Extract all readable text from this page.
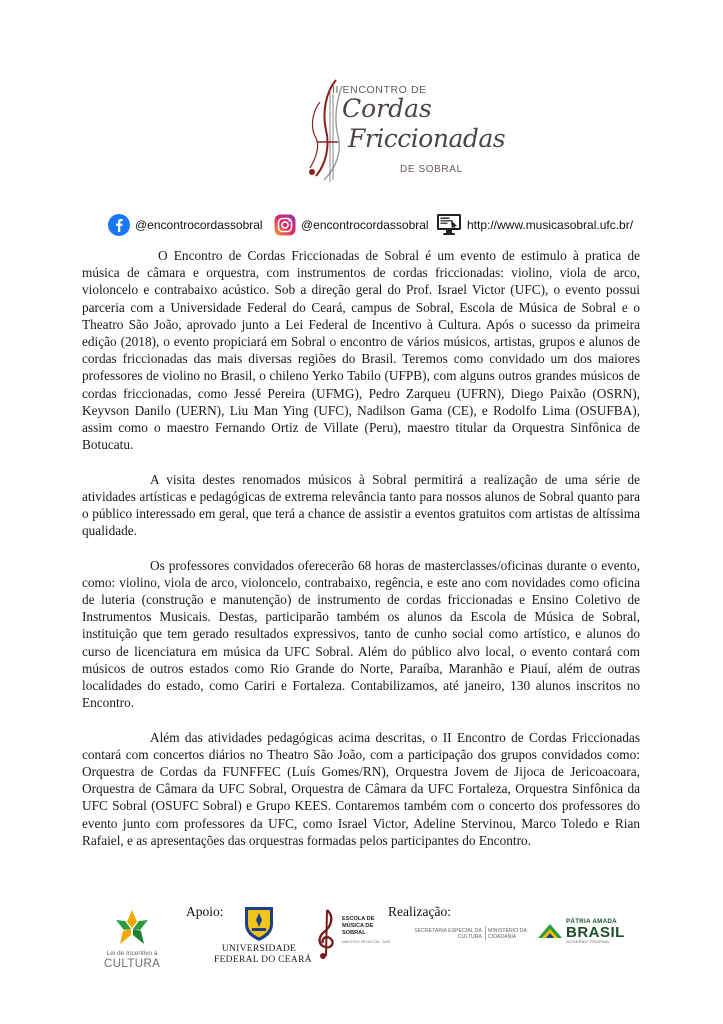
II ENCONTRO DE
Cordas
Friccionadas
DE SOBRAL
@encontrocordassobral	@encontrocordassobral	http://www.musicasobral.ufc.br/

O Encontro de Cordas Friccionadas de Sobral é um evento de estimulo à pratica de música de câmara e orquestra, com instrumentos de cordas friccionadas: violino, viola de arco, violoncelo e contrabaixo acústico. Sob a direção geral do Prof. Israel Victor (UFC), o evento possui parceria com a Universidade Federal do Ceará, campus de Sobral, Escola de Música de Sobral e o Theatro São João, aprovado junto a Lei Federal de Incentivo à Cultura. Após o sucesso da primeira edição (2018), o evento propiciará em Sobral o encontro de vários músicos, artistas, grupos e alunos de cordas friccionadas das mais diversas regiões do Brasil. Teremos como convidado um dos maiores professores de violino no Brasil, o chileno Yerko Tabilo (UFPB), com alguns outros grandes músicos de cordas friccionadas, como Jessé Pereira (UFMG), Pedro Zarqueu (UFRN), Diego Paixão (OSRN), Keyvson Danilo (UERN), Liu Man Ying (UFC), Nadilson Gama (CE), e Rodolfo Lima (OSUFBA), assim como o maestro Fernando Ortiz de Villate (Peru), maestro titular da Orquestra Sinfônica de Botucatu.

A visita destes renomados músicos à Sobral permitirá a realização de uma série de atividades artísticas e pedagógicas de extrema relevância tanto para nossos alunos de Sobral quanto para o público interessado em geral, que terá a chance de assistir a eventos gratuitos com artistas de altíssima qualidade.

Os professores convidados oferecerão 68 horas de masterclasses/oficinas durante o evento, como: violino, viola de arco, violoncelo, contrabaixo, regência, e este ano com novidades como oficina de luteria (construção e manutenção) de instrumento de cordas friccionadas e Ensino Coletivo de Instrumentos Musicais. Destas, participarão também os alunos da Escola de Música de Sobral, instituição que tem gerado resultados expressivos, tanto de cunho social como artístico, e alunos do curso de licenciatura em música da UFC Sobral. Além do público alvo local, o evento contará com músicos de outros estados como Rio Grande do Norte, Paraíba, Maranhão e Piauí, além de outras localidades do estado, como Cariri e Fortaleza. Contabilizamos, até janeiro, 130 alunos inscritos no Encontro.

Além das atividades pedagógicas acima descritas, o II Encontro de Cordas Friccionadas contará com concertos diários no Theatro São João, com a participação dos grupos convidados como: Orquestra de Cordas da FUNFFEC (Luís Gomes/RN), Orquestra Jovem de Jijoca de Jericoacoara, Orquestra de Câmara da UFC Sobral, Orquestra de Câmara da UFC Fortaleza, Orquestra Sinfônica da UFC Sobral (OSUFC Sobral) e Grupo KEES. Contaremos também com o concerto dos professores do evento junto com professores da UFC, como Israel Victor, Adeline Stervinou, Marco Toledo e Rian Rafaiel, e as apresentações das orquestras formadas pelos participantes do Encontro.

Lei de Incentivo à
CULTURA
Apoio:
UNIVERSIDADE
FEDERAL DO CEARÁ
ESCOLA DE
MÚSICA DE
SOBRAL
MAESTRO ZÉ NILTON - 2005
Realização:
SECRETARIA ESPECIAL DA
CULTURA
MINISTÉRIO DA
CIDADANIA
PÁTRIA AMADA
BRASIL
GOVERNO FEDERAL
